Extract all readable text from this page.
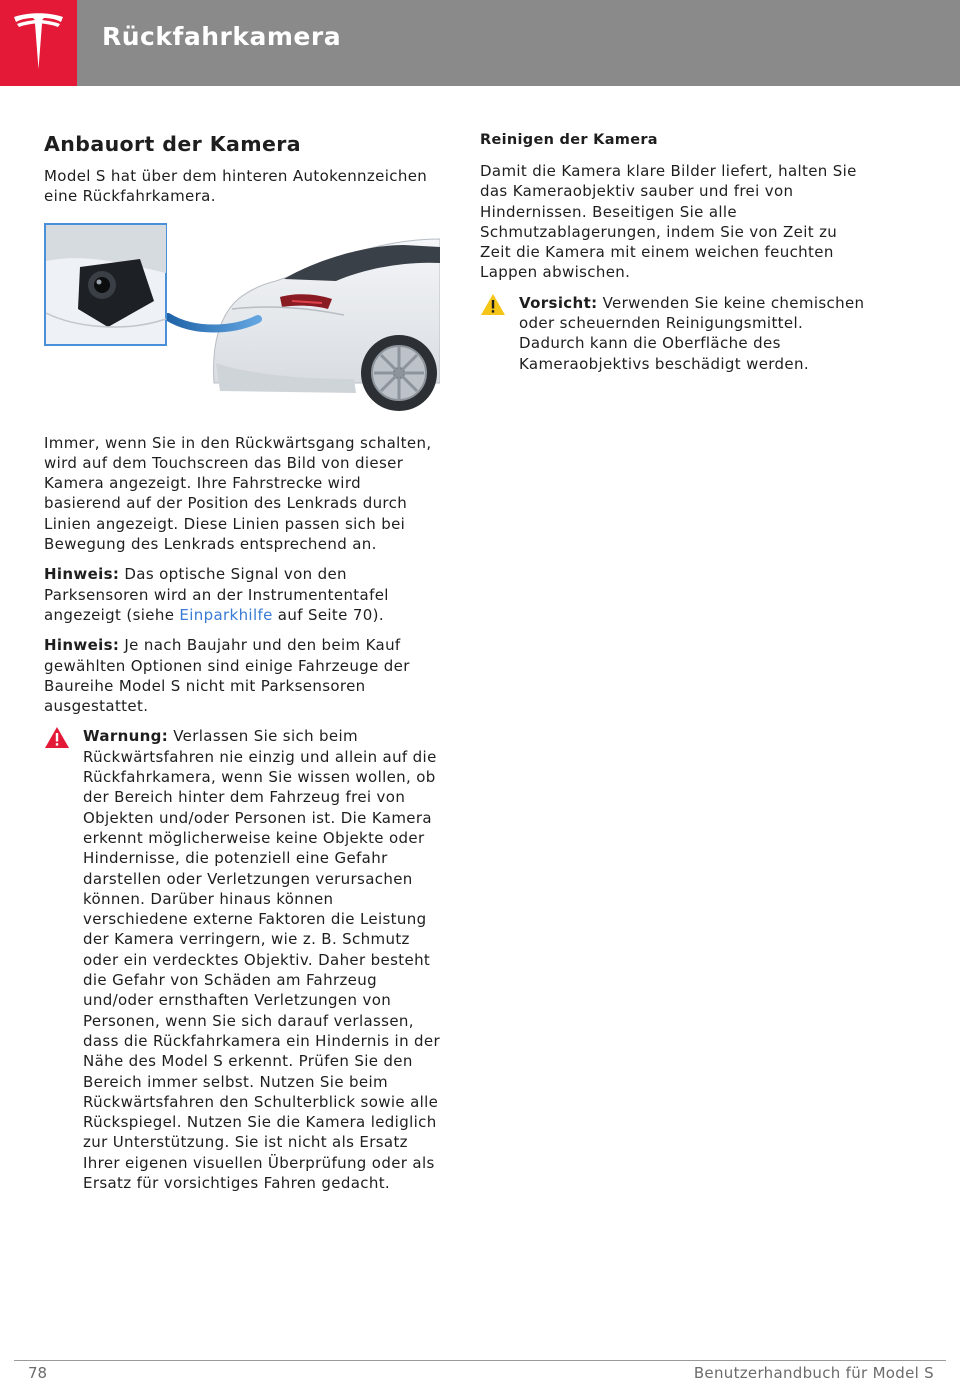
Rückfahrkamera
Anbauort der Kamera

Model S hat über dem hinteren Autokennzeichen eine Rückfahrkamera.

Immer, wenn Sie in den Rückwärtsgang schalten, wird auf dem Touchscreen das Bild von dieser Kamera angezeigt. Ihre Fahrstrecke wird basierend auf der Position des Lenkrads durch Linien angezeigt. Diese Linien passen sich bei Bewegung des Lenkrads entsprechend an.

Hinweis: Das optische Signal von den Parksensoren wird an der Instrumententafel angezeigt (siehe Einparkhilfe auf Seite 70).

Hinweis: Je nach Baujahr und den beim Kauf gewählten Optionen sind einige Fahrzeuge der Baureihe Model S nicht mit Parksensoren ausgestattet.

Warnung: Verlassen Sie sich beim Rückwärtsfahren nie einzig und allein auf die Rückfahrkamera, wenn Sie wissen wollen, ob der Bereich hinter dem Fahrzeug frei von Objekten und/oder Personen ist. Die Kamera erkennt möglicherweise keine Objekte oder Hindernisse, die potenziell eine Gefahr darstellen oder Verletzungen verursachen können. Darüber hinaus können verschiedene externe Faktoren die Leistung der Kamera verringern, wie z. B. Schmutz oder ein verdecktes Objektiv. Daher besteht die Gefahr von Schäden am Fahrzeug und/oder ernsthaften Verletzungen von Personen, wenn Sie sich darauf verlassen, dass die Rückfahrkamera ein Hindernis in der Nähe des Model S erkennt. Prüfen Sie den Bereich immer selbst. Nutzen Sie beim Rückwärtsfahren den Schulterblick sowie alle Rückspiegel. Nutzen Sie die Kamera lediglich zur Unterstützung. Sie ist nicht als Ersatz Ihrer eigenen visuellen Überprüfung oder als Ersatz für vorsichtiges Fahren gedacht.

Reinigen der Kamera

Damit die Kamera klare Bilder liefert, halten Sie das Kameraobjektiv sauber und frei von Hindernissen. Beseitigen Sie alle Schmutzablagerungen, indem Sie von Zeit zu Zeit die Kamera mit einem weichen feuchten Lappen abwischen.

Vorsicht: Verwenden Sie keine chemischen oder scheuernden Reinigungsmittel. Dadurch kann die Oberfläche des Kameraobjektivs beschädigt werden.

78	Benutzerhandbuch für Model S
